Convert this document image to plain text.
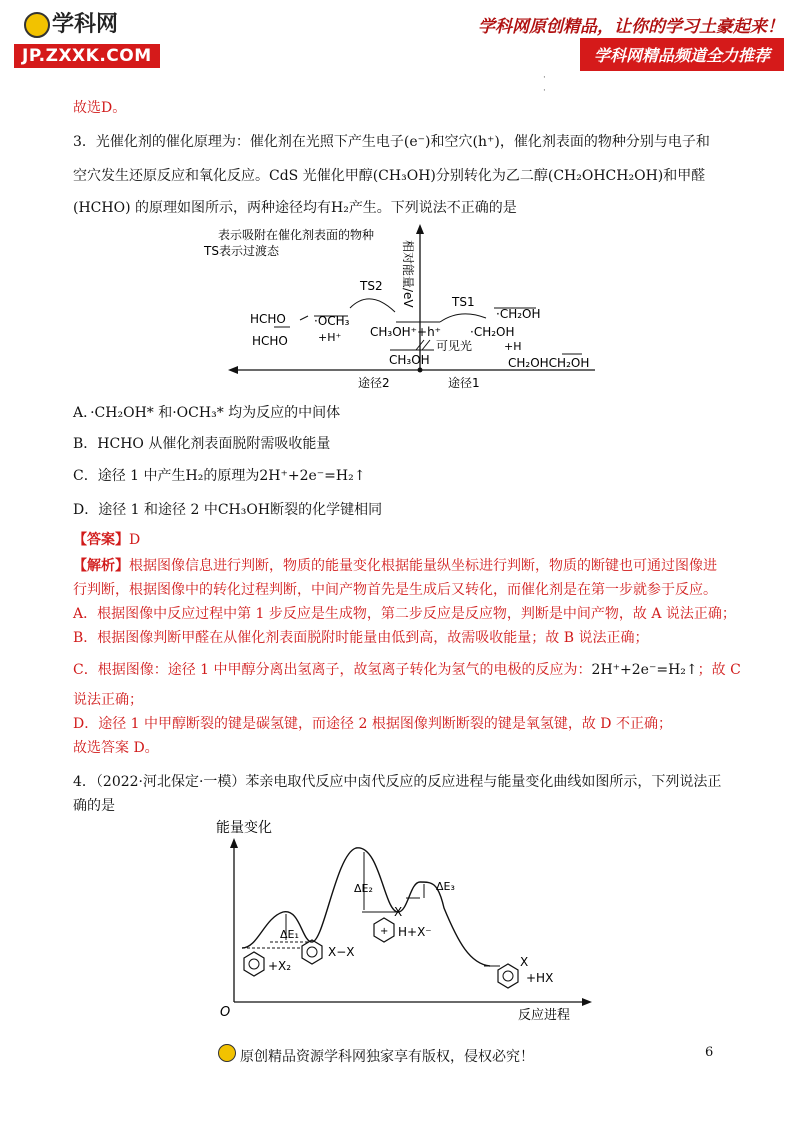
学科网
JP.ZXXK.COM
学科网原创精品，让你的学习土豪起来！
学科网精品频道全力推荐
·
·
故选D。
3．光催化剂的催化原理为：催化剂在光照下产生电子(e⁻)和空穴(h⁺)，催化剂表面的物种分别与电子和
空穴发生还原反应和氧化反应。CdS 光催化甲醇(CH₃OH)分别转化为乙二醇(CH₂OHCH₂OH)和甲醛
(HCHO) 的原理如图所示，两种途径均有H₂产生。下列说法不正确的是
表示吸附在催化剂表面的物种
TS表示过渡态	相对能量/eV
途径2	途径1
TS2
TS1
HCHO
HCHO
·OCH₃
+H⁺ CH₃OH⁺+h⁺
可见光
CH₃OH
·CH₂OH
·CH₂OH
+H
CH₂OHCH₂OH
A．·CH₂OH* 和·OCH₃* 均为反应的中间体
B．HCHO 从催化剂表面脱附需吸收能量
C．途径 1 中产生H₂的原理为2H⁺+2e⁻=H₂↑
D．途径 1 和途径 2 中CH₃OH断裂的化学键相同
【答案】D
【解析】根据图像信息进行判断，物质的能量变化根据能量纵坐标进行判断，物质的断键也可通过图像进
行判断，根据图像中的转化过程判断，中间产物首先是生成后又转化，而催化剂是在第一步就参于反应。
A．根据图像中反应过程中第 1 步反应是生成物，第二步反应是反应物，判断是中间产物，故 A 说法正确；
B．根据图像判断甲醛在从催化剂表面脱附时能量由低到高，故需吸收能量；故 B 说法正确；
C．根据图像：途径 1 中甲醇分离出氢离子，故氢离子转化为氢气的电极的反应为：2H⁺+2e⁻=H₂↑；故 C
说法正确；
D．途径 1 中甲醇断裂的键是碳氢键，而途径 2 根据图像判断断裂的键是氧氢键，故 D 不正确；
故选答案 D。
4．（2022·河北保定·一模）苯亲电取代反应中卤代反应的反应进程与能量变化曲线如图所示，下列说法正
确的是
能量变化
O	反应进程
ΔE₁
ΔE₂	ΔE₃
+X₂
X−X
+
X
H+X⁻
X
+HX
原创精品资源学科网独家享有版权，侵权必究！	6
